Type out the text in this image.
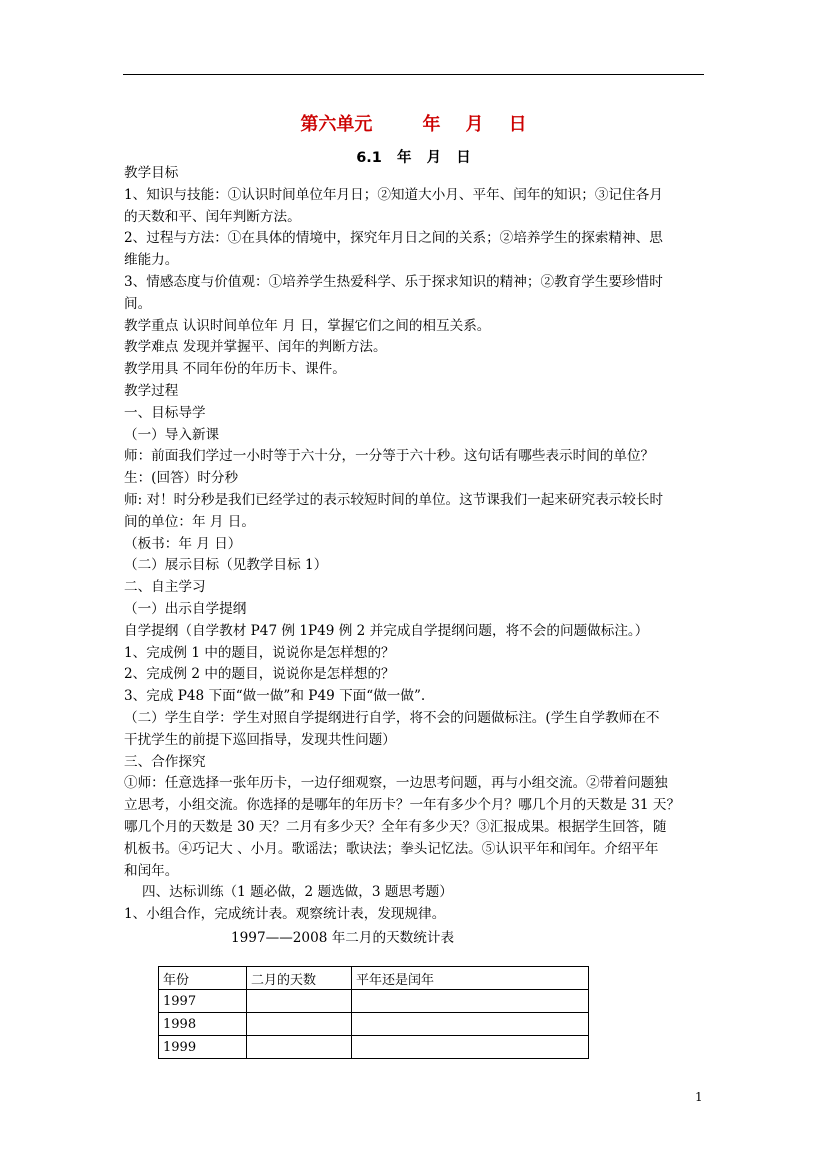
第六单元        年    月    日
6.1   年   月   日

教学目标

1、知识与技能：①认识时间单位年月日；②知道大小月、平年、闰年的知识；③记住各月

的天数和平、闰年判断方法。

2、过程与方法：①在具体的情境中，探究年月日之间的关系；②培养学生的探索精神、思

维能力。

3、情感态度与价值观：①培养学生热爱科学、乐于探求知识的精神；②教育学生要珍惜时

间。

教学重点 认识时间单位年 月 日，掌握它们之间的相互关系。

教学难点 发现并掌握平、闰年的判断方法。

教学用具 不同年份的年历卡、课件。

教学过程

一、目标导学

（一）导入新课

师：前面我们学过一小时等于六十分，一分等于六十秒。这句话有哪些表示时间的单位？

生：(回答）时分秒

师: 对！时分秒是我们已经学过的表示较短时间的单位。这节课我们一起来研究表示较长时

间的单位：年 月 日。

（板书：年 月 日）

（二）展示目标（见教学目标 1）

二、自主学习

（一）出示自学提纲

自学提纲（自学教材 P47 例 1P49 例 2 并完成自学提纲问题，将不会的问题做标注。）

1、完成例 1 中的题目，说说你是怎样想的？

2、完成例 2 中的题目，说说你是怎样想的？

3、完成 P48 下面“做一做”和 P49 下面“做一做”.

（二）学生自学：学生对照自学提纲进行自学，将不会的问题做标注。(学生自学教师在不

干扰学生的前提下巡回指导，发现共性问题）

三、合作探究

①师：任意选择一张年历卡，一边仔细观察，一边思考问题，再与小组交流。②带着问题独

立思考，小组交流。你选择的是哪年的年历卡？一年有多少个月？哪几个月的天数是 31 天？

哪几个月的天数是 30 天？二月有多少天？全年有多少天？③汇报成果。根据学生回答，随

机板书。④巧记大 、小月。歌谣法；歌诀法；拳头记忆法。⑤认识平年和闰年。介绍平年

和闰年。

四、达标训练（1 题必做，2 题选做，3 题思考题）

1、小组合作，完成统计表。观察统计表，发现规律。

1997——2008 年二月的天数统计表
年份	二月的天数	平年还是闰年
1997		
1998		
1999		
1
